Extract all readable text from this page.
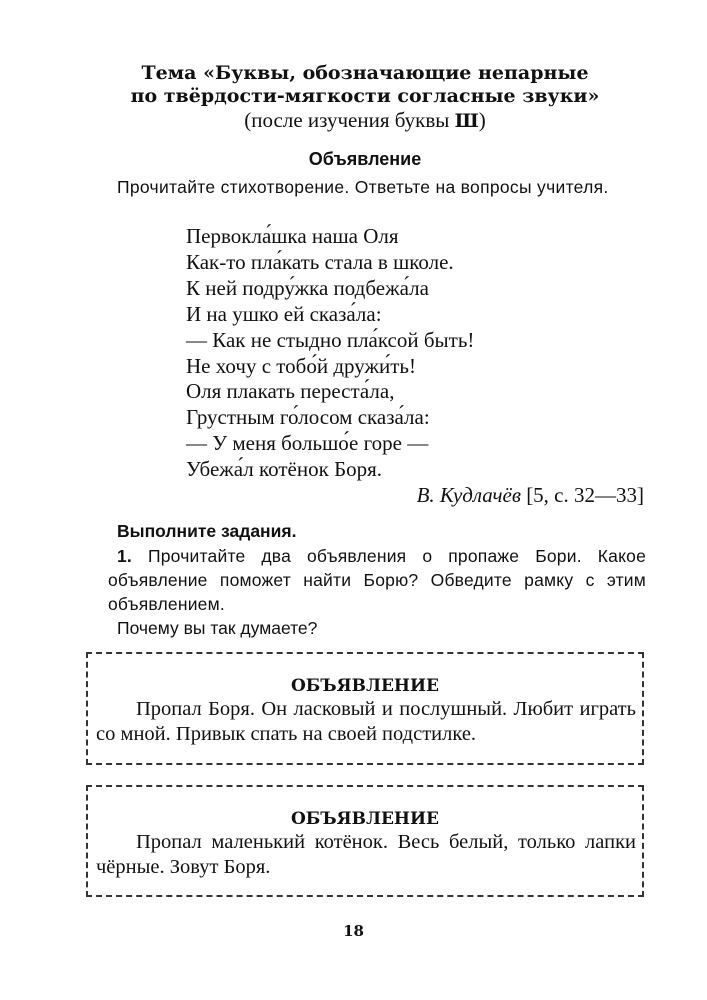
Тема «Буквы, обозначающие непарные
по твёрдости-мягкости согласные звуки»
(после изучения буквы Ш)
Объявление
Прочитайте стихотворение. Ответьте на вопросы учителя.
Первокла́шка наша Оля
Как-то пла́кать стала в школе.
К ней подру́жка подбежа́ла
И на ушко ей сказа́ла:
— Как не стыдно пла́ксой быть!
Не хочу с тобо́й дружи́ть!
Оля плакать переста́ла,
Грустным го́лосом сказа́ла:
— У меня большо́е горе —
Убежа́л котёнок Боря.
В. Кудлачёв [5, с. 32—33]
Выполните задания.
1. Прочитайте два объявления о пропаже Бори. Какое объявление поможет найти Борю? Обведите рамку с этим объявлением.
Почему вы так думаете?
ОБЪЯВЛЕНИЕ
Пропал Боря. Он ласковый и послушный. Любит играть со мной. Привык спать на своей подстилке.
ОБЪЯВЛЕНИЕ
Пропал маленький котёнок. Весь белый, только лапки чёрные. Зовут Боря.
18
